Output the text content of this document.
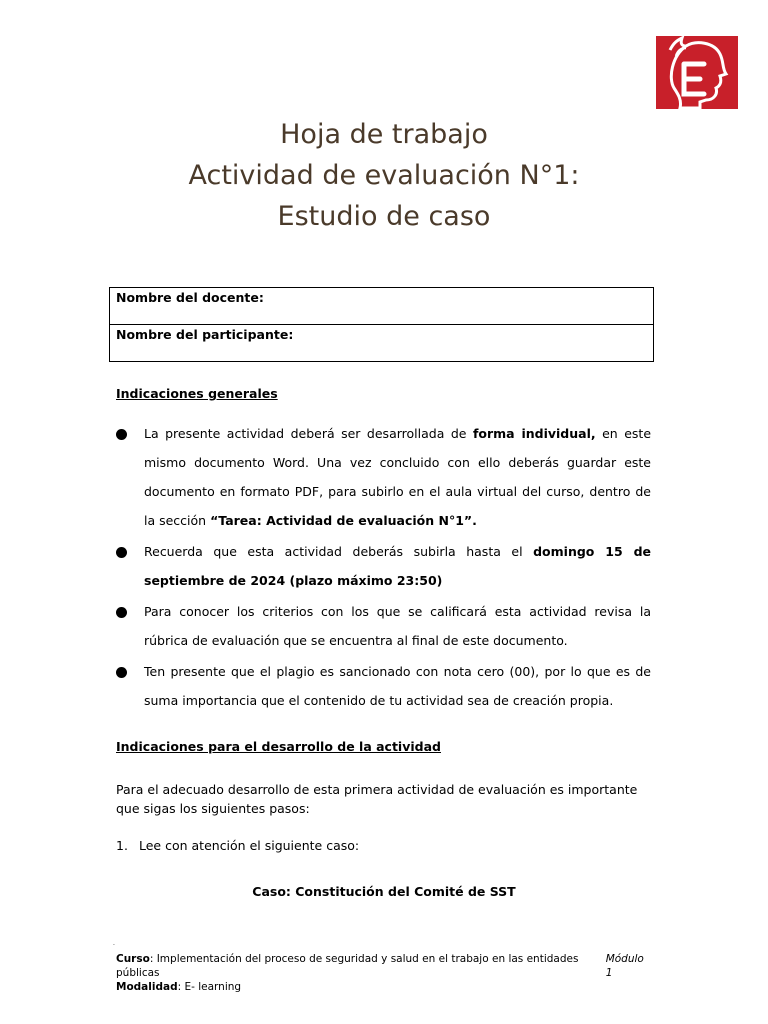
Hoja de trabajo
Actividad de evaluación N°1:
Estudio de caso
Nombre del docente:
Nombre del participante:
Indicaciones generales
La presente actividad deberá ser desarrollada de forma individual, en este mismo documento Word. Una vez concluido con ello deberás guardar este documento en formato PDF, para subirlo en el aula virtual del curso, dentro de la sección “Tarea: Actividad de evaluación N°1”.
Recuerda que esta actividad deberás subirla hasta el domingo 15 de septiembre de 2024 (plazo máximo 23:50)
Para conocer los criterios con los que se calificará esta actividad revisa la rúbrica de evaluación que se encuentra al final de este documento.
Ten presente que el plagio es sancionado con nota cero (00), por lo que es de suma importancia que el contenido de tu actividad sea de creación propia.
Indicaciones para el desarrollo de la actividad
Para el adecuado desarrollo de esta primera actividad de evaluación es importante que sigas los siguientes pasos:
1. Lee con atención el siguiente caso:
Caso: Constitución del Comité de SST
.
Curso: Implementación del proceso de seguridad y salud en el trabajo en las entidades públicas
Módulo 1
Modalidad: E- learning
